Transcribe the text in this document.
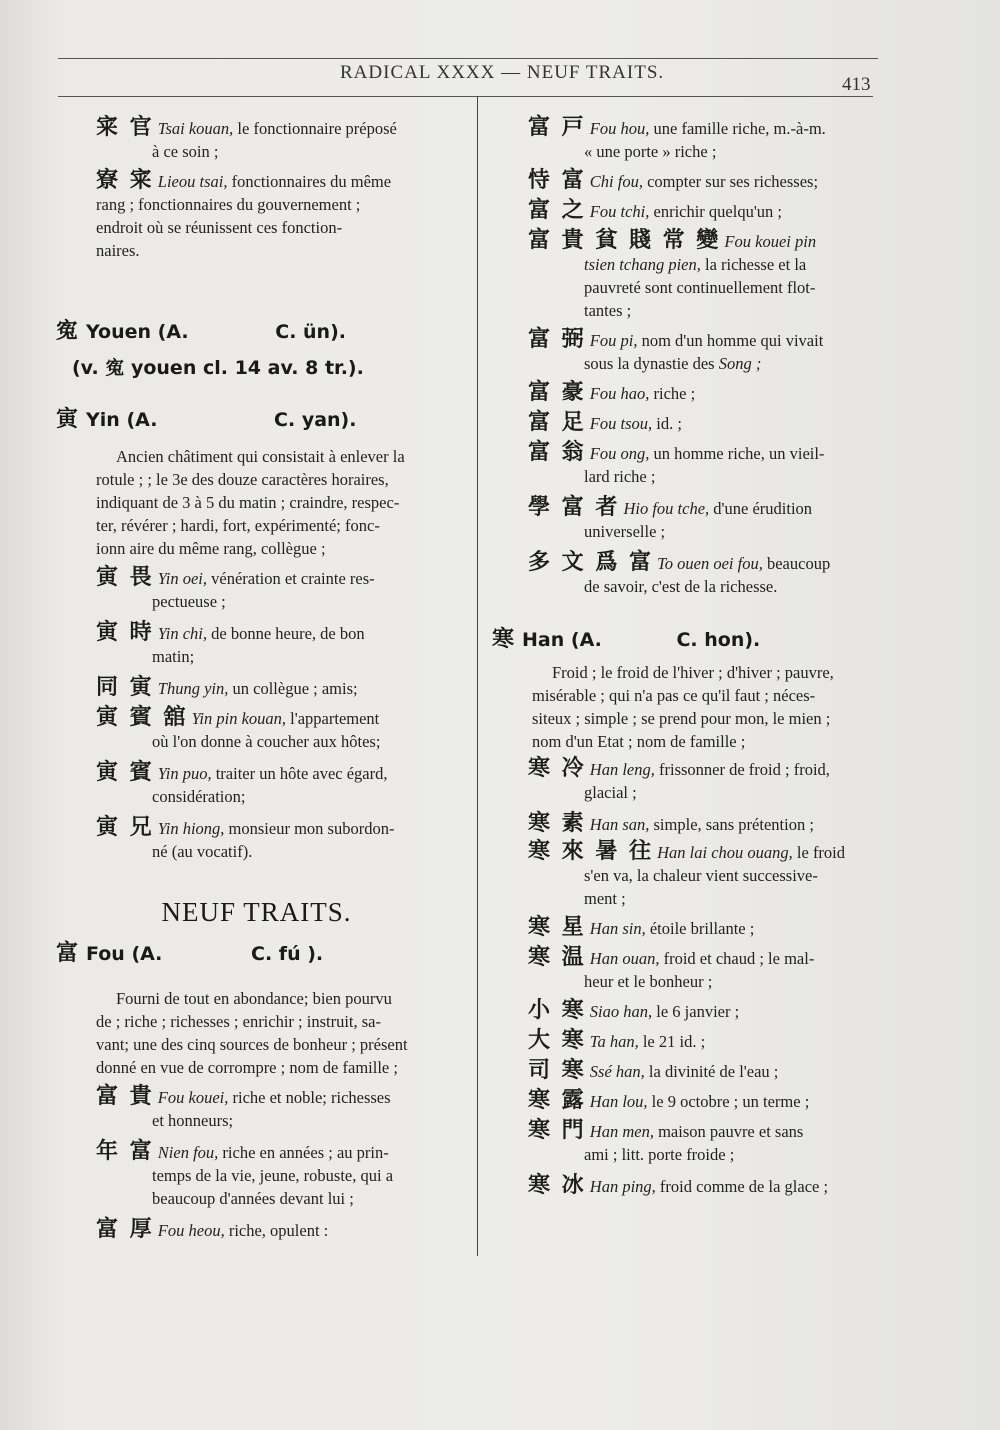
RADICAL XXXX — NEUF TRAITS.
413
宷 官 Tsai kouan, le fonctionnaire préposé
à ce soin ;
寮 宷 Lieou tsai, fonctionnaires du même
rang ; fonctionnaires du gouvernement ;
endroit où se réunissent ces fonction-
naires.
寃 Youen (A.	C. ün).
(v. 寃 youen cl. 14 av. 8 tr.).
寅 Yin (A.	C. yan).
Ancien châtiment qui consistait à enlever la
rotule ; ; le 3e des douze caractères horaires,
indiquant de 3 à 5 du matin ; craindre, respec-
ter, révérer ; hardi, fort, expérimenté; fonc-
ionn aire du même rang, collègue ;
寅 畏 Yin oei, vénération et crainte res-
pectueuse ;
寅 時 Yin chi, de bonne heure, de bon
matin;
同 寅 Thung yin, un collègue ; amis;
寅 賓 舘 Yin pin kouan, l'appartement
où l'on donne à coucher aux hôtes;
寅 賓 Yin puo, traiter un hôte avec égard,
considération;
寅 兄 Yin hiong, monsieur mon subordon-
né (au vocatif).
NEUF TRAITS.
富 Fou (A.	C. fú ).
Fourni de tout en abondance; bien pourvu
de ; riche ; richesses ; enrichir ; instruit, sa-
vant; une des cinq sources de bonheur ; présent
donné en vue de corrompre ; nom de famille ;
富 貴 Fou kouei, riche et noble; richesses
et honneurs;
年 富 Nien fou, riche en années ; au prin-
temps de la vie, jeune, robuste, qui a
beaucoup d'années devant lui ;
富 厚 Fou heou, riche, opulent :
富 戸 Fou hou, une famille riche, m.-à-m.
« une porte » riche ;
恃 富 Chi fou, compter sur ses richesses;
富 之 Fou tchi, enrichir quelqu'un ;
富 貴 貧 賤 常 變 Fou kouei pin
tsien tchang pien, la richesse et la
pauvreté sont continuellement flot-
tantes ;
富 弼 Fou pi, nom d'un homme qui vivait
sous la dynastie des Song ;
富 豪 Fou hao, riche ;
富 足 Fou tsou, id. ;
富 翁 Fou ong, un homme riche, un vieil-
lard riche ;
學 富 者 Hio fou tche, d'une érudition
universelle ;
多 文 爲 富 To ouen oei fou, beaucoup
de savoir, c'est de la richesse.
寒 Han (A.	C. hon).
Froid ; le froid de l'hiver ; d'hiver ; pauvre,
misérable ; qui n'a pas ce qu'il faut ; néces-
siteux ; simple ; se prend pour mon, le mien ;
nom d'un Etat ; nom de famille ;
寒 冷 Han leng, frissonner de froid ; froid,
glacial ;
寒 素 Han san, simple, sans prétention ;
寒 來 暑 往 Han lai chou ouang, le froid
s'en va, la chaleur vient successive-
ment ;
寒 星 Han sin, étoile brillante ;
寒 温 Han ouan, froid et chaud ; le mal-
heur et le bonheur ;
小 寒 Siao han, le 6 janvier ;
大 寒 Ta han, le 21 id. ;
司 寒 Ssé han, la divinité de l'eau ;
寒 露 Han lou, le 9 octobre ; un terme ;
寒 門 Han men, maison pauvre et sans
ami ; litt. porte froide ;
寒 冰 Han ping, froid comme de la glace ;
